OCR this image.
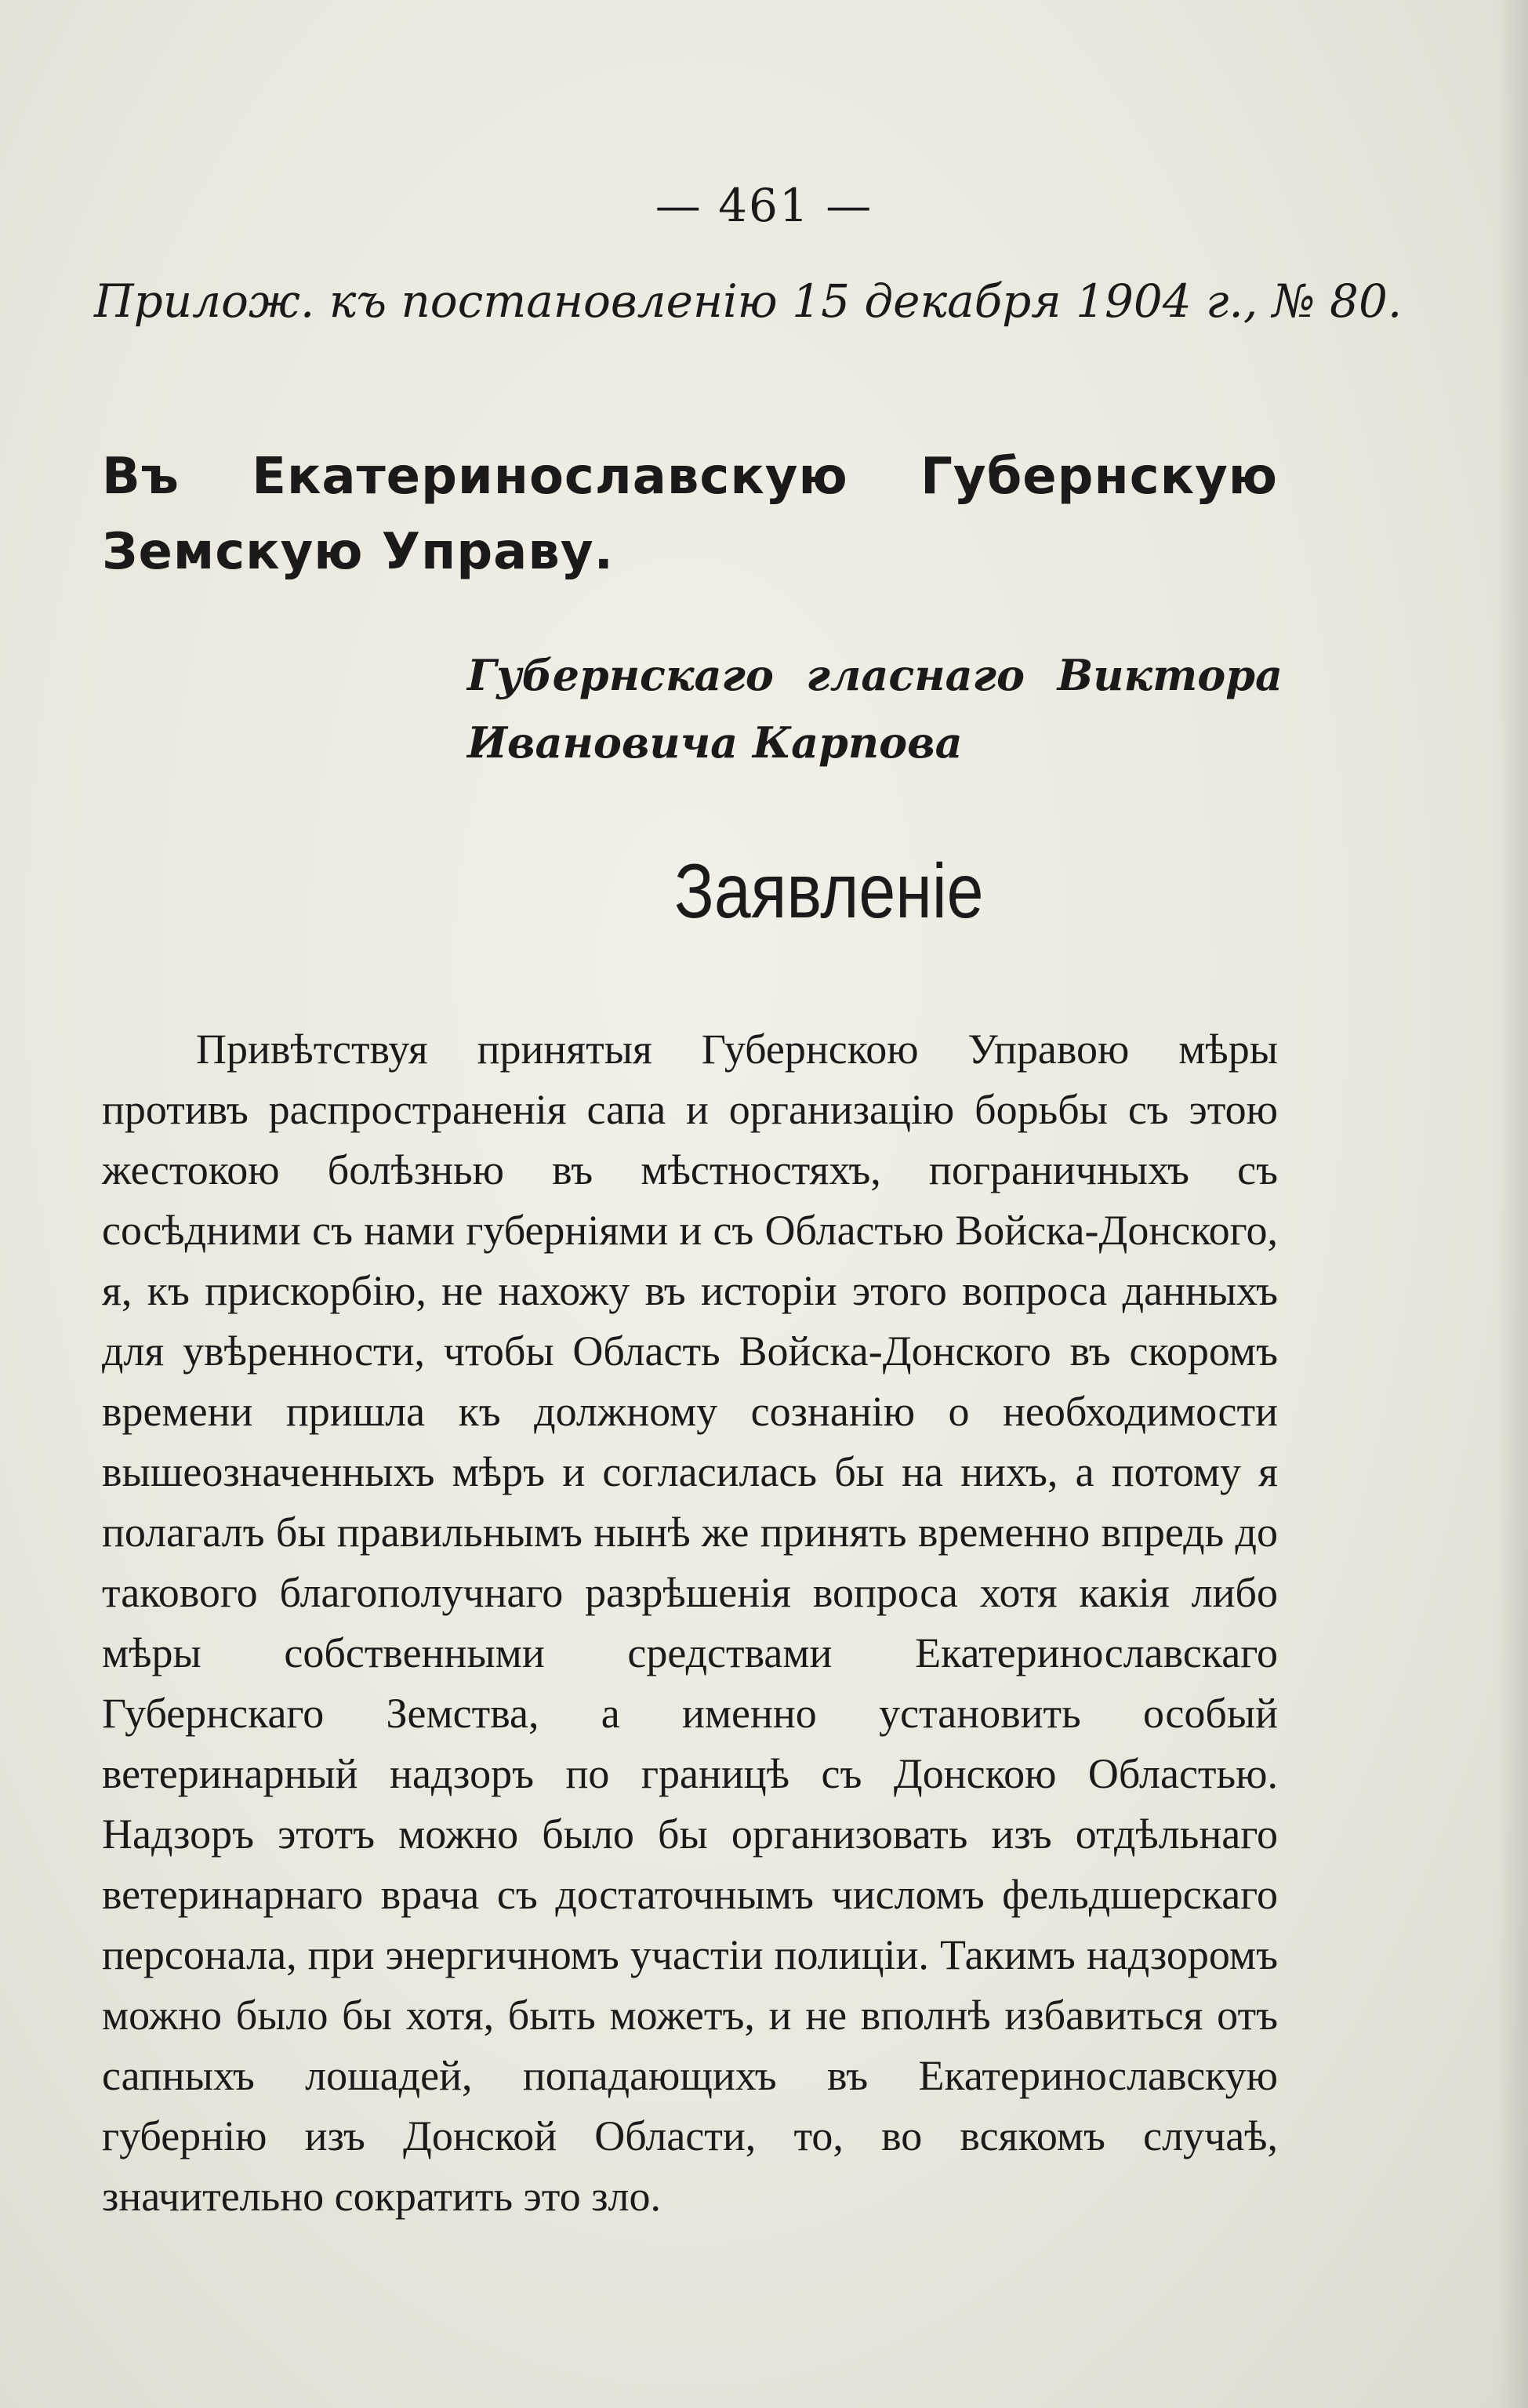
— 461 —
Прилож. къ постановленію 15 декабря 1904 г., № 80.
Въ Екатеринославскую Губернскую Земскую Управу.
Губернскаго гласнаго Виктора Ивановича Карпова
Заявленіе

Привѣтствуя принятыя Губернскою Управою мѣры противъ распространенія сапа и организацію борьбы съ этою жестокою болѣзнью въ мѣстностяхъ, пограничныхъ съ сосѣдними съ нами губерніями и съ Областью Войска-Донского, я, къ прискорбію, не нахожу въ исторіи этого вопроса данныхъ для увѣренности, чтобы Область Войска-Донского въ скоромъ времени пришла къ должному сознанію о необходимости вышеозначенныхъ мѣръ и согласилась бы на нихъ, а потому я полагалъ бы правильнымъ нынѣ же принять временно впредь до такового благополучнаго разрѣшенія вопроса хотя какія либо мѣры собственными средствами Екатеринославскаго Губернскаго Земства, а именно установить особый ветеринарный надзоръ по границѣ съ Донскою Областью. Надзоръ этотъ можно было бы организовать изъ отдѣльнаго ветеринарнаго врача съ достаточнымъ числомъ фельдшерскаго персонала, при энергичномъ участіи полиціи. Такимъ надзоромъ можно было бы хотя, быть можетъ, и не вполнѣ избавиться отъ сапныхъ лошадей, попадающихъ въ Екатеринославскую губернію изъ Донской Области, то, во всякомъ случаѣ, значительно сократить это зло.
